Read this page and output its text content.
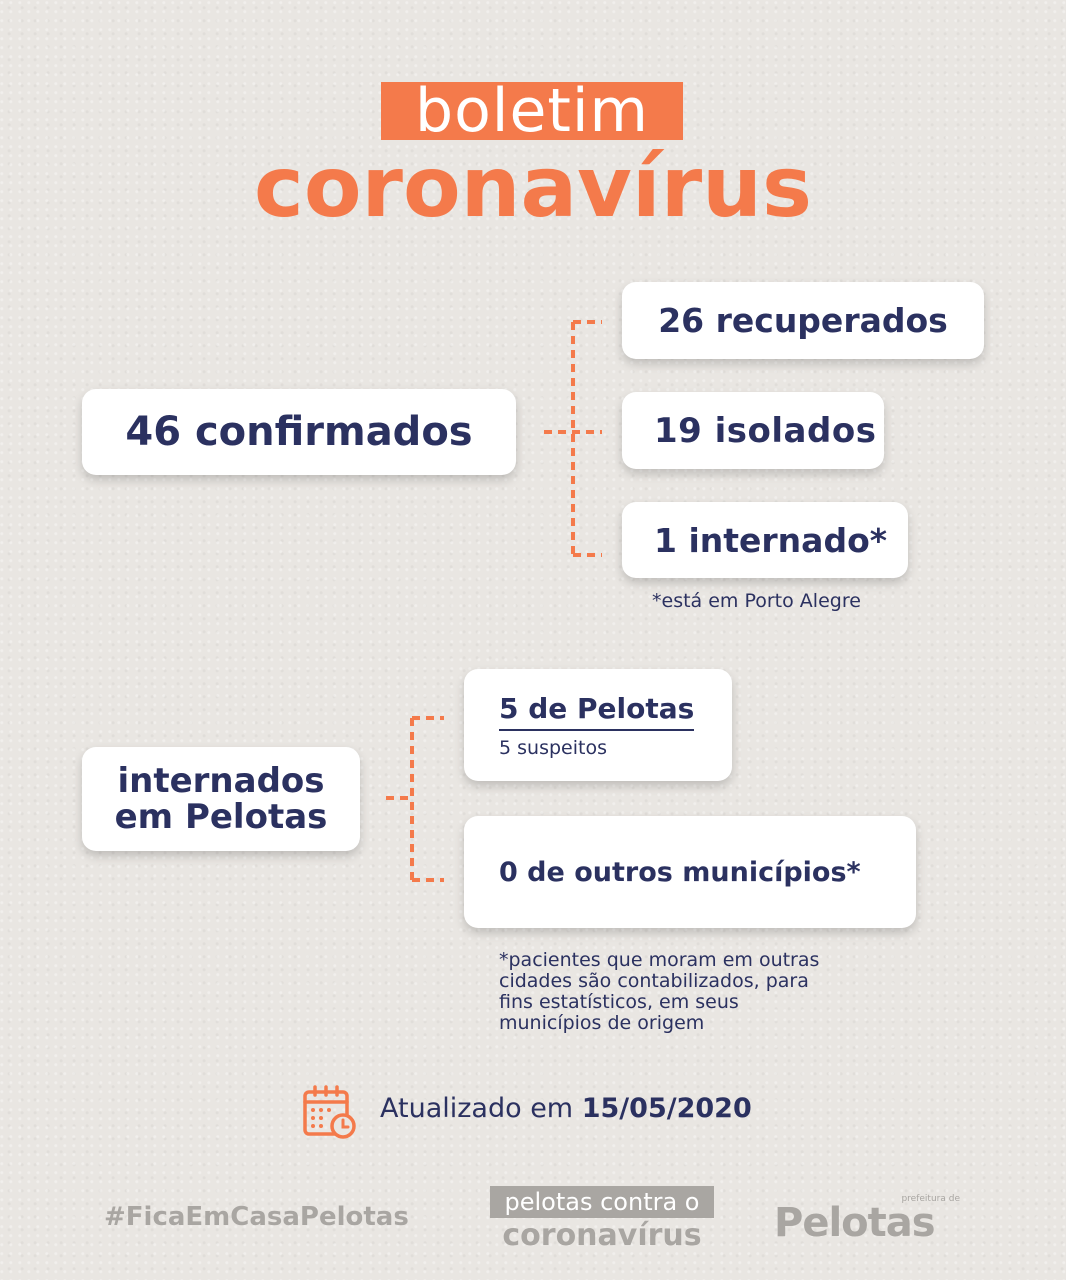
boletim
coronavírus
46 confirmados
26 recuperados
19 isolados
1 internado*
*está em Porto Alegre
internados
em Pelotas
5 de Pelotas
5 suspeitos
0 de outros municípios*
*pacientes que moram em outras
cidades são contabilizados, para
fins estatísticos, em seus
municípios de origem
Atualizado em 15/05/2020
#FicaEmCasaPelotas	pelotas contra o
coronavírus
prefeitura de
Pelotas
